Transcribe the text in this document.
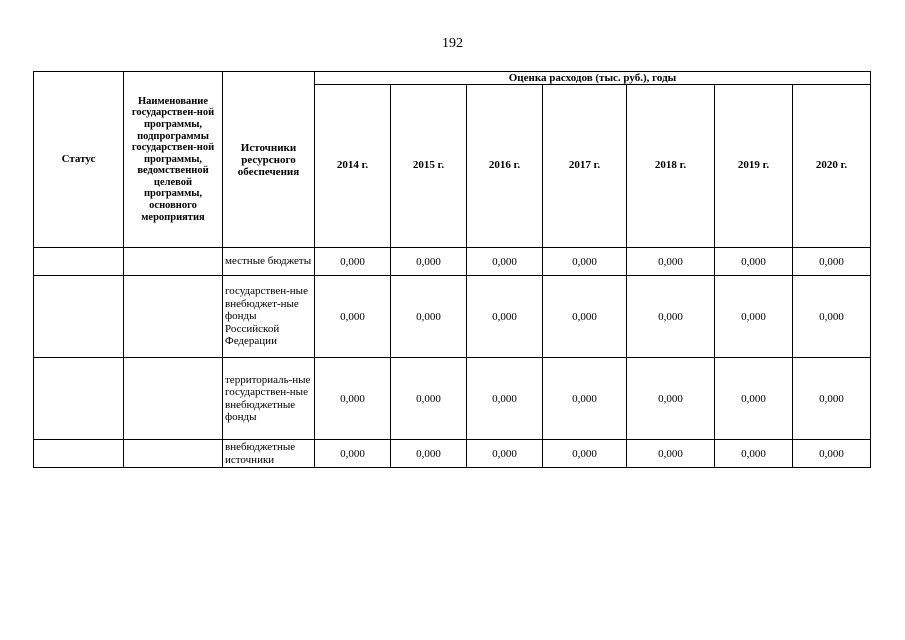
192
Статус	Наименование государствен-ной программы, подпрограммы государствен-ной программы, ведомственной целевой программы, основного мероприятия	Источники ресурсного обеспечения	Оценка расходов (тыс. руб.), годы						
			2014 г.	2015 г.	2016 г.	2017 г.	2018 г.	2019 г.	2020 г.
		местные бюджеты	0,000	0,000	0,000	0,000	0,000	0,000	0,000
		государствен-ные внебюджет-ные фонды Российской Федерации	0,000	0,000	0,000	0,000	0,000	0,000	0,000
		территориаль-ные государствен-ные внебюджетные фонды	0,000	0,000	0,000	0,000	0,000	0,000	0,000
		внебюджетные источники	0,000	0,000	0,000	0,000	0,000	0,000	0,000
